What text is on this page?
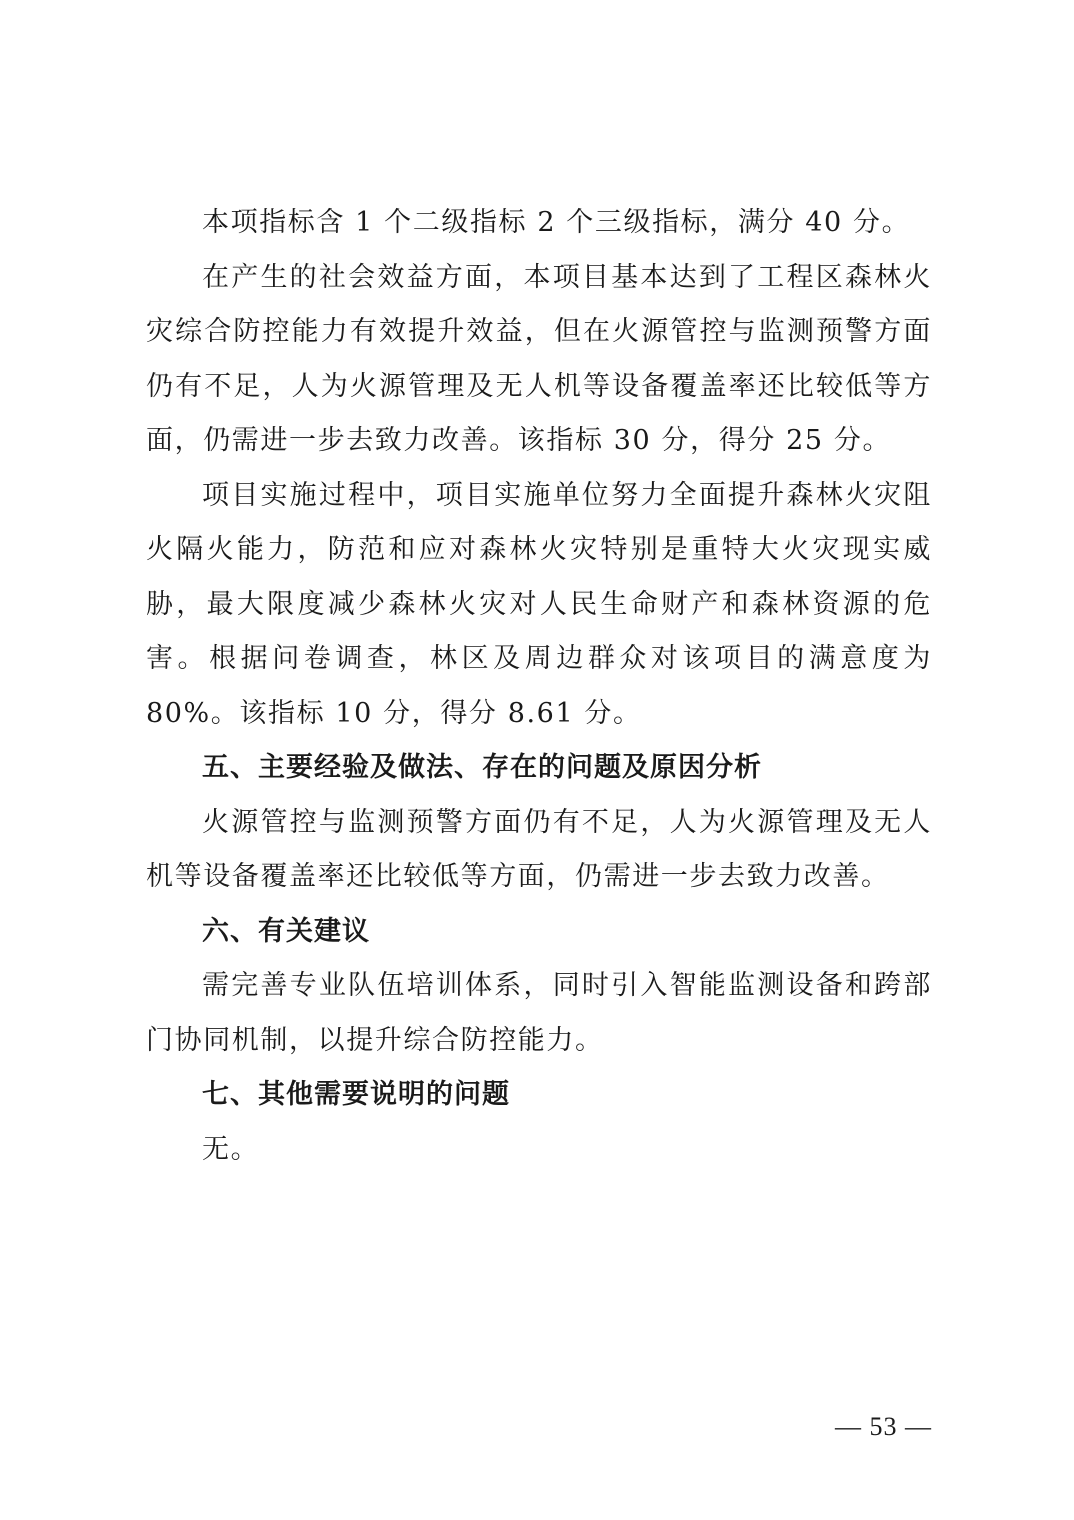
本项指标含 1 个二级指标 2 个三级指标，满分 40 分。

在产生的社会效益方面，本项目基本达到了工程区森林火灾综合防控能力有效提升效益，但在火源管控与监测预警方面仍有不足，人为火源管理及无人机等设备覆盖率还比较低等方面，仍需进一步去致力改善。该指标 30 分，得分 25 分。

项目实施过程中，项目实施单位努力全面提升森林火灾阻火隔火能力，防范和应对森林火灾特别是重特大火灾现实威胁，最大限度减少森林火灾对人民生命财产和森林资源的危害。根据问卷调查，林区及周边群众对该项目的满意度为 80%。该指标 10 分，得分 8.61 分。

五、主要经验及做法、存在的问题及原因分析

火源管控与监测预警方面仍有不足，人为火源管理及无人机等设备覆盖率还比较低等方面，仍需进一步去致力改善。

六、有关建议

需完善专业队伍培训体系，同时引入智能监测设备和跨部门协同机制，以提升综合防控能力。

七、其他需要说明的问题

无。

— 53 —
